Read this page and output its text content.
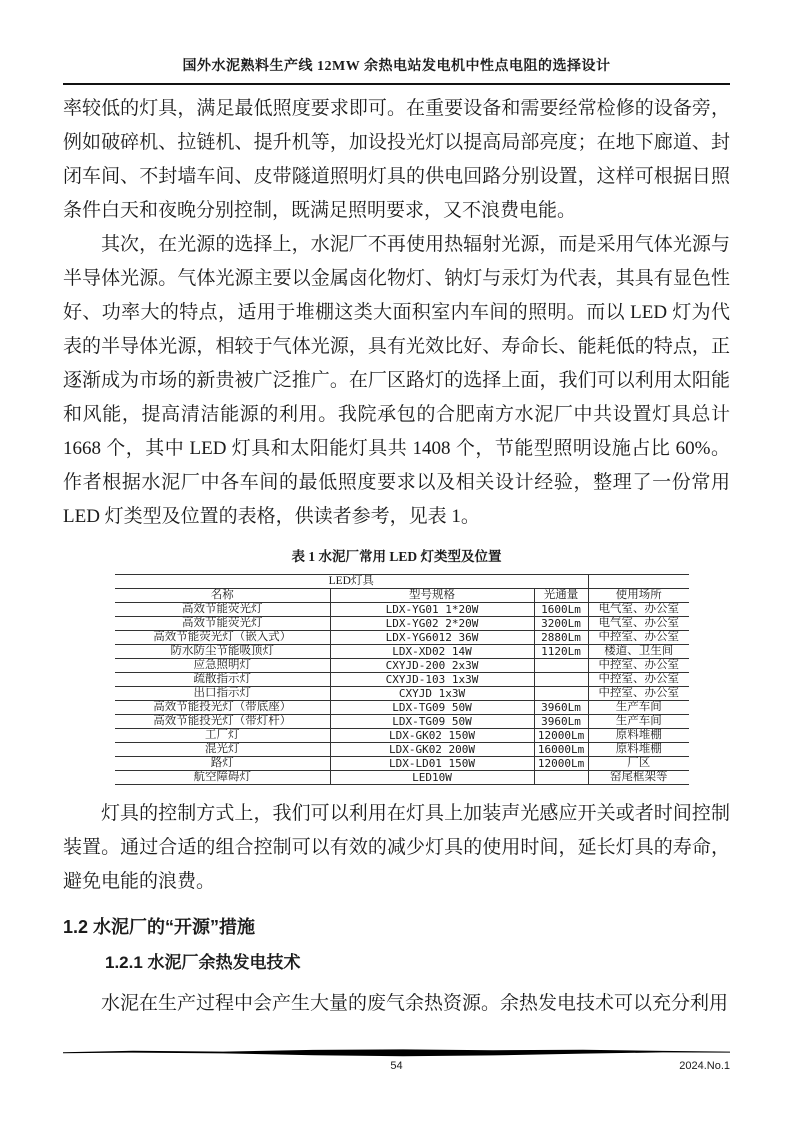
国外水泥熟料生产线 12MW 余热电站发电机中性点电阻的选择设计

率较低的灯具，满足最低照度要求即可。在重要设备和需要经常检修的设备旁，例如破碎机、拉链机、提升机等，加设投光灯以提高局部亮度；在地下廊道、封闭车间、不封墙车间、皮带隧道照明灯具的供电回路分别设置，这样可根据日照条件白天和夜晚分别控制，既满足照明要求，又不浪费电能。

其次，在光源的选择上，水泥厂不再使用热辐射光源，而是采用气体光源与半导体光源。气体光源主要以金属卤化物灯、钠灯与汞灯为代表，其具有显色性好、功率大的特点，适用于堆棚这类大面积室内车间的照明。而以 LED 灯为代表的半导体光源，相较于气体光源，具有光效比好、寿命长、能耗低的特点，正逐渐成为市场的新贵被广泛推广。在厂区路灯的选择上面，我们可以利用太阳能和风能，提高清洁能源的利用。我院承包的合肥南方水泥厂中共设置灯具总计 1668 个，其中 LED 灯具和太阳能灯具共 1408 个，节能型照明设施占比 60%。作者根据水泥厂中各车间的最低照度要求以及相关设计经验，整理了一份常用 LED 灯类型及位置的表格，供读者参考，见表 1。

表 1 水泥厂常用 LED 灯类型及位置
LED灯具			
名称	型号规格	光通量	使用场所
高效节能荧光灯	LDX-YG01 1*20W	1600Lm	电气室、办公室
高效节能荧光灯	LDX-YG02 2*20W	3200Lm	电气室、办公室
高效节能荧光灯（嵌入式）	LDX-YG6012 36W	2880Lm	中控室、办公室
防水防尘节能吸顶灯	LDX-XD02 14W	1120Lm	楼道、卫生间
应急照明灯	CXYJD-200 2x3W		中控室、办公室
疏散指示灯	CXYJD-103 1x3W		中控室、办公室
出口指示灯	CXYJD 1x3W		中控室、办公室
高效节能投光灯（带底座）	LDX-TG09 50W	3960Lm	生产车间
高效节能投光灯（带灯杆）	LDX-TG09 50W	3960Lm	生产车间
工厂灯	LDX-GK02 150W	12000Lm	原料堆棚
混光灯	LDX-GK02 200W	16000Lm	原料堆棚
路灯	LDX-LD01 150W	12000Lm	厂区
航空障碍灯	LED10W		窑尾框架等

灯具的控制方式上，我们可以利用在灯具上加装声光感应开关或者时间控制装置。通过合适的组合控制可以有效的减少灯具的使用时间，延长灯具的寿命，避免电能的浪费。

1.2 水泥厂的“开源”措施
1.2.1 水泥厂余热发电技术

水泥在生产过程中会产生大量的废气余热资源。余热发电技术可以充分利用

54	2024.No.1
